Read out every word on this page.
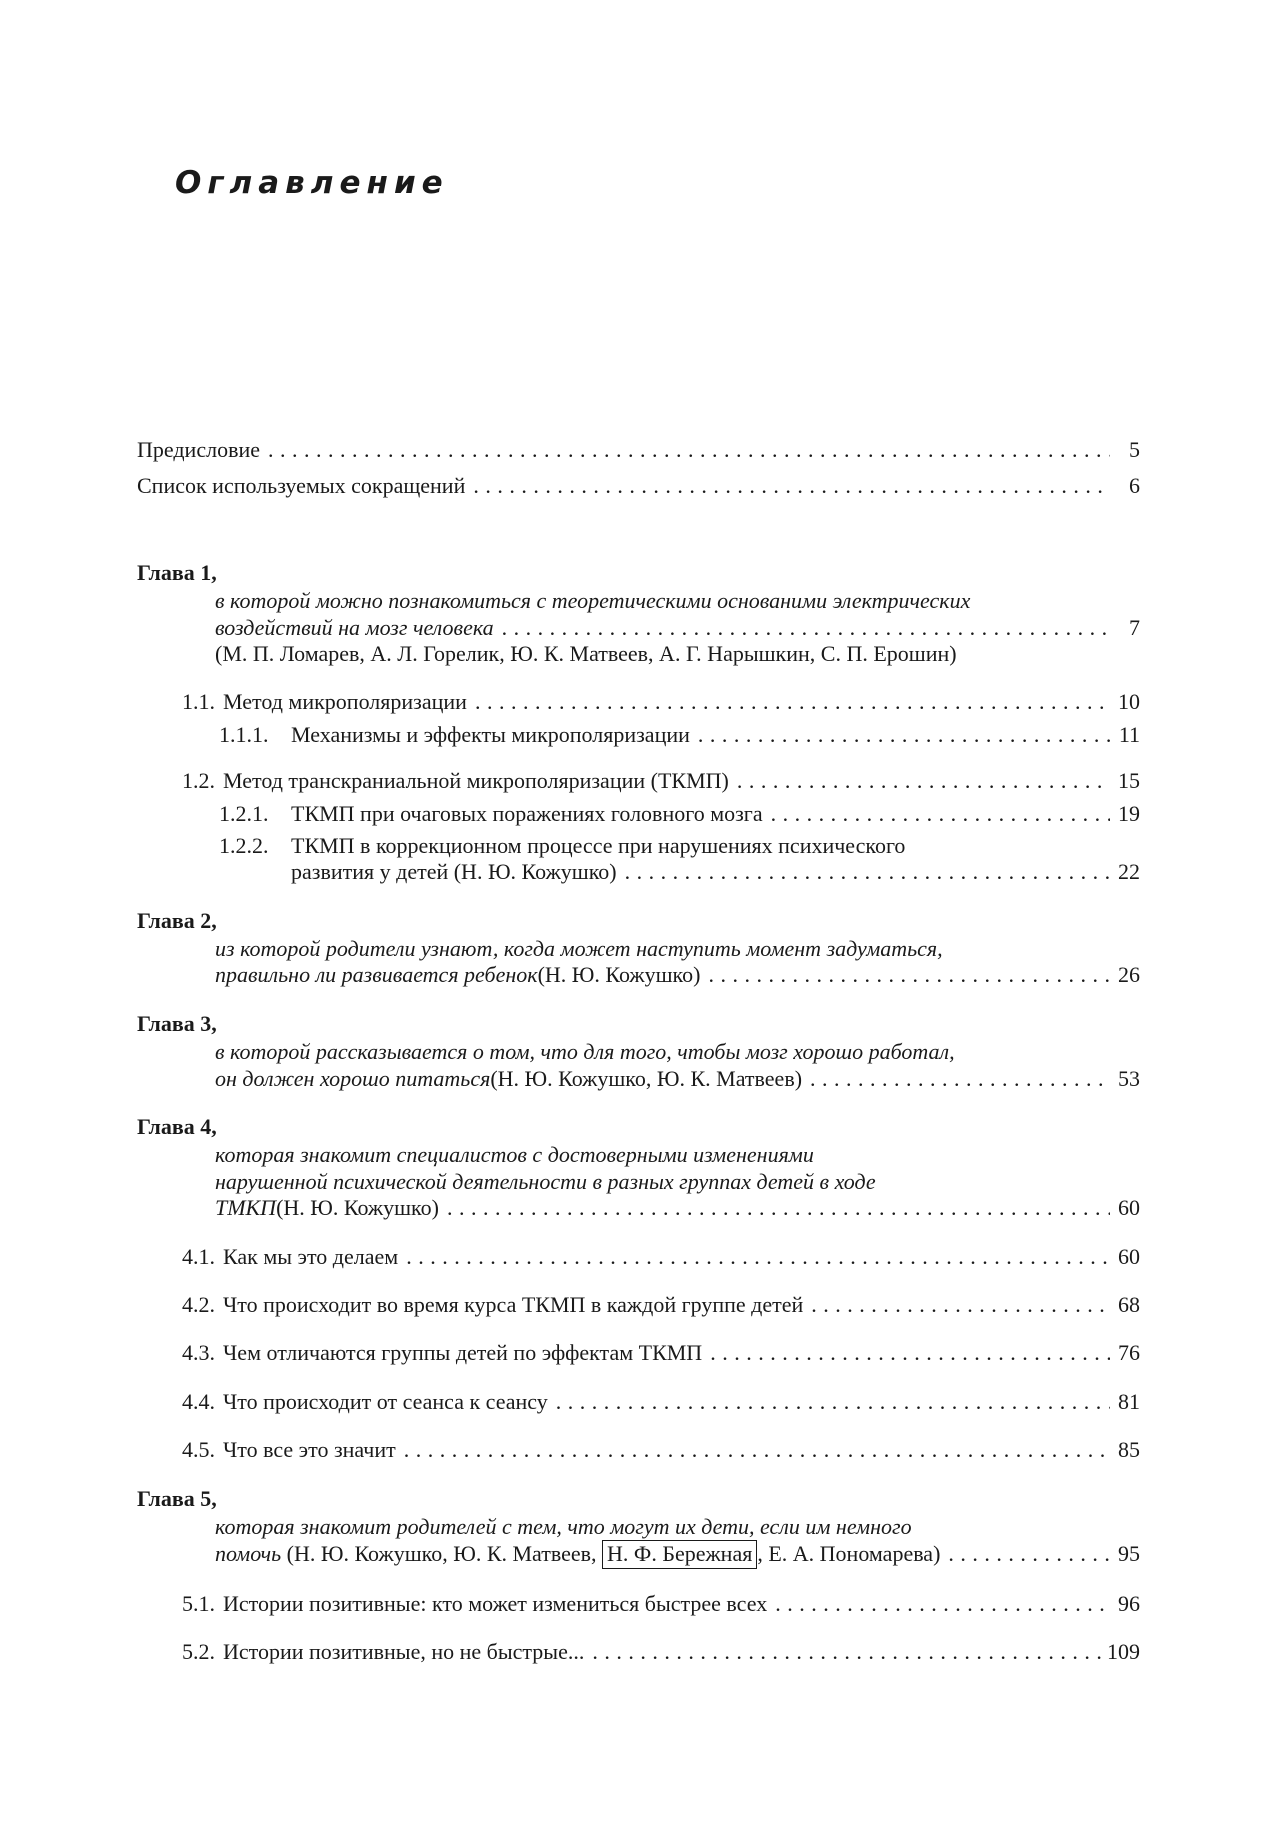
Оглавление
Предисловие . . .	5
Список используемых сокращений . . .	6
Глава 1,
в которой можно познакомиться с теоретическими основаними электрических
воздействий на мозг человека . . .	7
(М. П. Ломарев, А. Л. Горелик, Ю. К. Матвеев, А. Г. Нарышкин, С. П. Ерошин)
1.1. Метод микрополяризации . . .	10
1.1.1.	Механизмы и эффекты микрополяризации . . .	11
1.2. Метод транскраниальной микрополяризации (ТКМП) . . .	15
1.2.1.	ТКМП при очаговых поражениях головного мозга . . .	19
1.2.2.	ТКМП в коррекционном процессе при нарушениях психического
развития у детей (Н. Ю. Кожушко) . . .	22
Глава 2,
из которой родители узнают, когда может наступить момент задуматься,
правильно ли развивается ребенок (Н. Ю. Кожушко) . . .	26
Глава 3,
в которой рассказывается о том, что для того, чтобы мозг хорошо работал,
он должен хорошо питаться (Н. Ю. Кожушко, Ю. К. Матвеев) . . .	53
Глава 4,
которая знакомит специалистов с достоверными изменениями
нарушенной психической деятельности в разных группах детей в ходе
ТМКП (Н. Ю. Кожушко) . . .	60
4.1. Как мы это делаем . . .	60
4.2. Что происходит во время курса ТКМП в каждой группе детей . . .	68
4.3. Чем отличаются группы детей по эффектам ТКМП . . .	76
4.4. Что происходит от сеанса к сеансу . . .	81
4.5. Что все это значит . . .	85
Глава 5,
которая знакомит родителей с тем, что могут их дети, если им немного
помочь (Н. Ю. Кожушко, Ю. К. Матвеев, Н. Ф. Бережная , Е. А. Пономарева) . . .	95
5.1. Истории позитивные: кто может измениться быстрее всех . . .	96
5.2. Истории позитивные, но не быстрые... . . .	109
